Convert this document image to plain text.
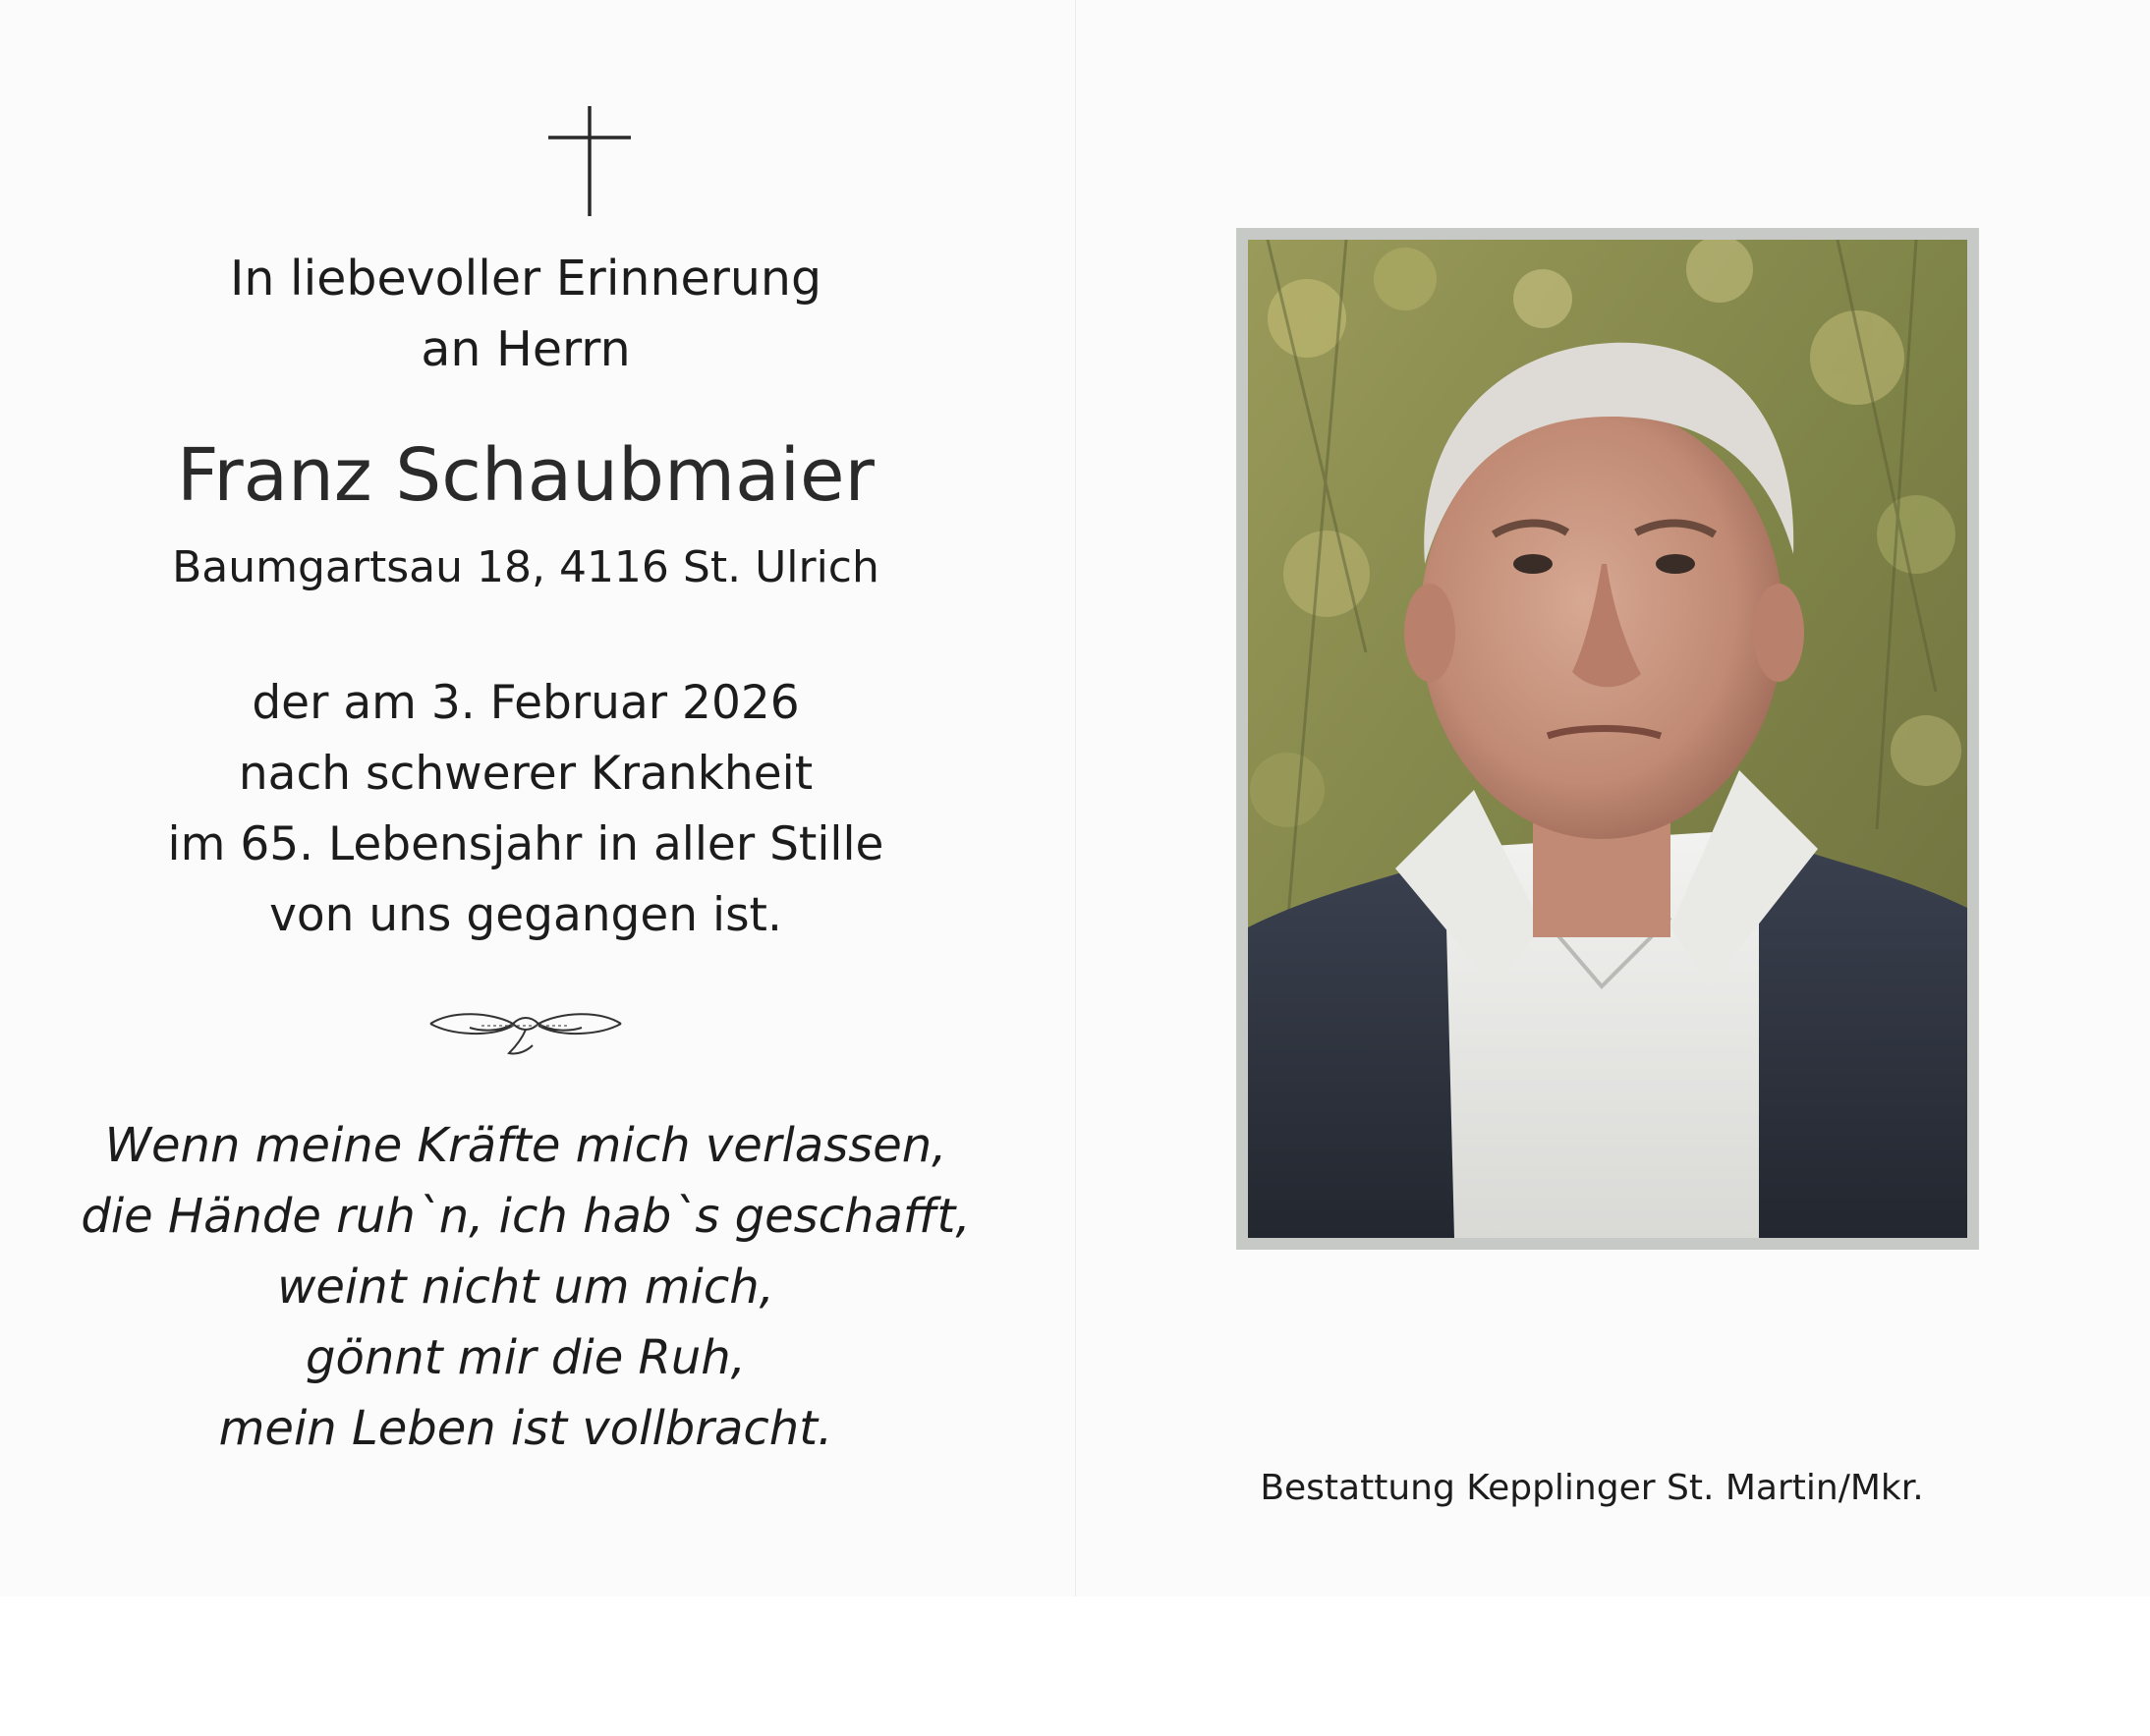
In liebevoller Erinnerung
an Herrn
Franz Schaubmaier
Baumgartsau 18, 4116 St. Ulrich
der am 3. Februar 2026
nach schwerer Krankheit
im 65. Lebensjahr in aller Stille
von uns gegangen ist.
Wenn meine Kräfte mich verlassen,
die Hände ruh`n, ich hab`s geschafft,
weint nicht um mich,
gönnt mir die Ruh,
mein Leben ist vollbracht.
Bestattung Kepplinger St. Martin/Mkr.
